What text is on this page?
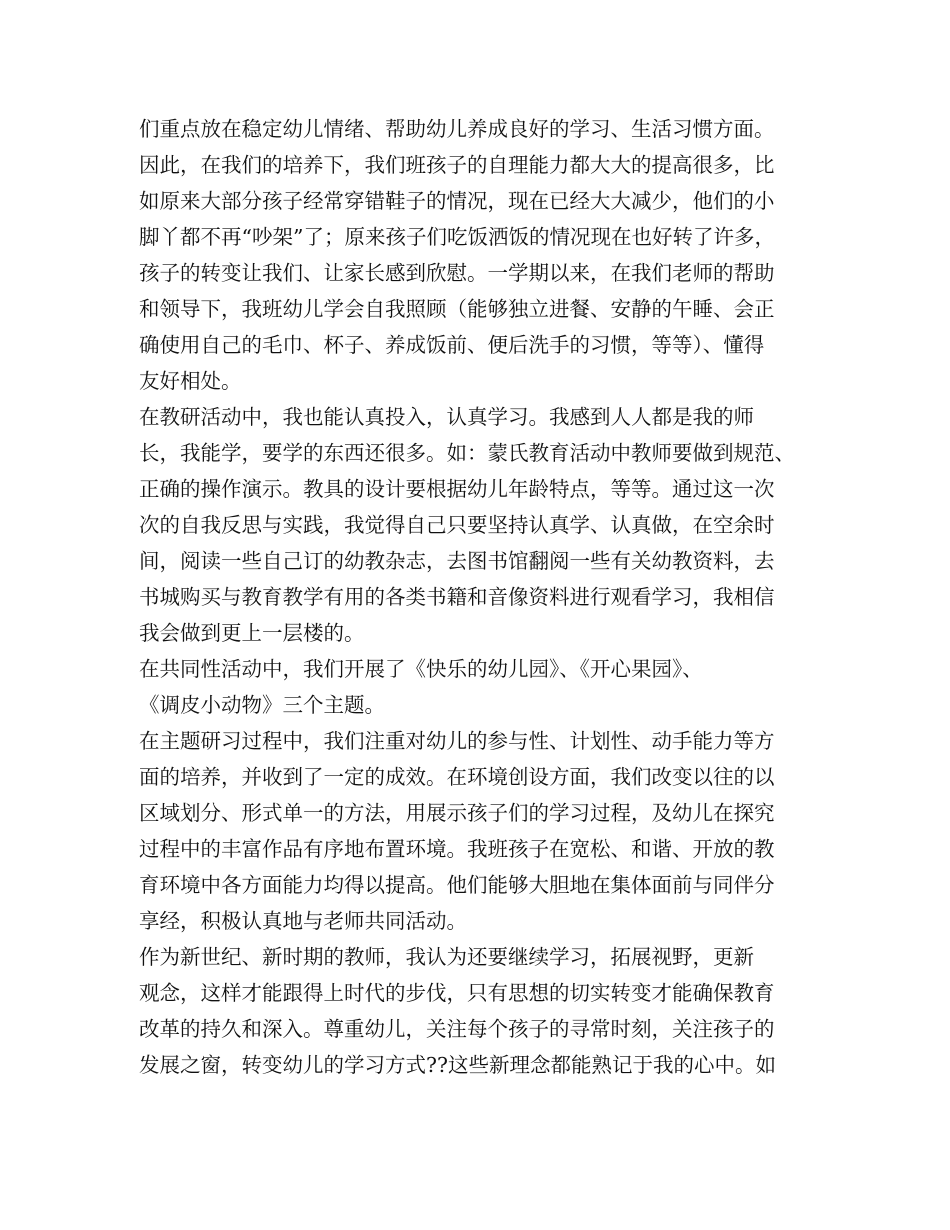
们重点放在稳定幼儿情绪、帮助幼儿养成良好的学习、生活习惯方面。
因此，在我们的培养下，我们班孩子的自理能力都大大的提高很多，比
如原来大部分孩子经常穿错鞋子的情况，现在已经大大减少，他们的小
脚丫都不再“吵架”了；原来孩子们吃饭洒饭的情况现在也好转了许多，
孩子的转变让我们、让家长感到欣慰。一学期以来，在我们老师的帮助
和领导下，我班幼儿学会自我照顾（能够独立进餐、安静的午睡、会正
确使用自己的毛巾、杯子、养成饭前、便后洗手的习惯，等等）、懂得
友好相处。
在教研活动中，我也能认真投入，认真学习。我感到人人都是我的师
长，我能学，要学的东西还很多。如：蒙氏教育活动中教师要做到规范、
正确的操作演示。教具的设计要根据幼儿年龄特点，等等。通过这一次
次的自我反思与实践，我觉得自己只要坚持认真学、认真做，在空余时
间，阅读一些自己订的幼教杂志，去图书馆翻阅一些有关幼教资料，去
书城购买与教育教学有用的各类书籍和音像资料进行观看学习，我相信
我会做到更上一层楼的。
在共同性活动中，我们开展了《快乐的幼儿园》、《开心果园》、
《调皮小动物》三个主题。
在主题研习过程中，我们注重对幼儿的参与性、计划性、动手能力等方
面的培养，并收到了一定的成效。在环境创设方面，我们改变以往的以
区域划分、形式单一的方法，用展示孩子们的学习过程，及幼儿在探究
过程中的丰富作品有序地布置环境。我班孩子在宽松、和谐、开放的教
育环境中各方面能力均得以提高。他们能够大胆地在集体面前与同伴分
享经，积极认真地与老师共同活动。
作为新世纪、新时期的教师，我认为还要继续学习，拓展视野，更新
观念，这样才能跟得上时代的步伐，只有思想的切实转变才能确保教育
改革的持久和深入。尊重幼儿，关注每个孩子的寻常时刻，关注孩子的
发展之窗，转变幼儿的学习方式??这些新理念都能熟记于我的心中。如
